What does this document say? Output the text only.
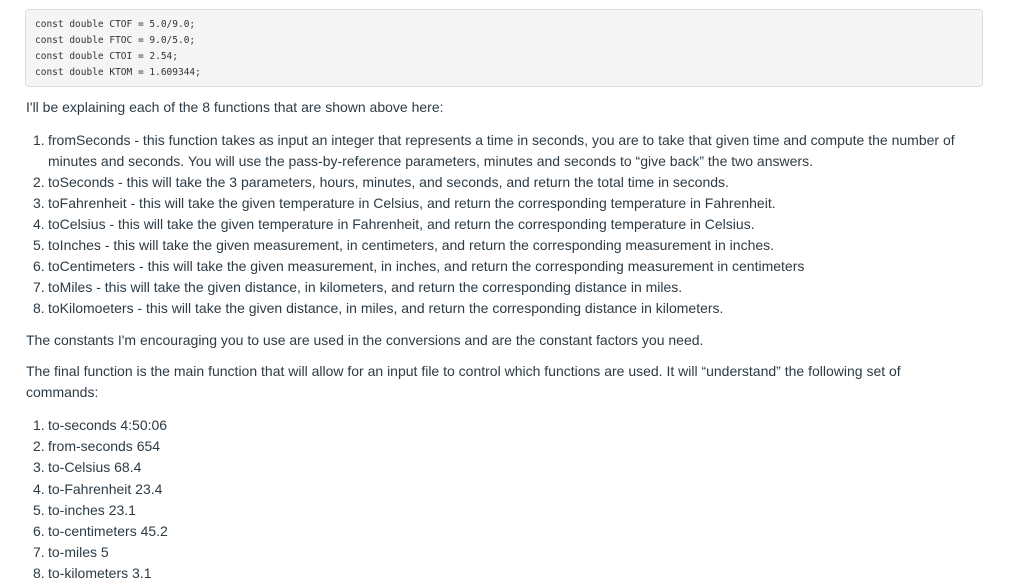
const double CTOF = 5.0/9.0;
const double FTOC = 9.0/5.0;
const double CTOI = 2.54;
const double KTOM = 1.609344;

I'll be explaining each of the 8 functions that are shown above here:

1. fromSeconds - this function takes as input an integer that represents a time in seconds, you are to take that given time and compute the number of minutes and seconds. You will use the pass-by-reference parameters, minutes and seconds to “give back” the two answers.
2. toSeconds - this will take the 3 parameters, hours, minutes, and seconds, and return the total time in seconds.
3. toFahrenheit - this will take the given temperature in Celsius, and return the corresponding temperature in Fahrenheit.
4. toCelsius - this will take the given temperature in Fahrenheit, and return the corresponding temperature in Celsius.
5. toInches - this will take the given measurement, in centimeters, and return the corresponding measurement in inches.
6. toCentimeters - this will take the given measurement, in inches, and return the corresponding measurement in centimeters
7. toMiles - this will take the given distance, in kilometers, and return the corresponding distance in miles.
8. toKilomoeters - this will take the given distance, in miles, and return the corresponding distance in kilometers.

The constants I'm encouraging you to use are used in the conversions and are the constant factors you need.

The final function is the main function that will allow for an input file to control which functions are used. It will “understand” the following set of commands:

1. to-seconds 4:50:06
2. from-seconds 654
3. to-Celsius 68.4
4. to-Fahrenheit 23.4
5. to-inches 23.1
6. to-centimeters 45.2
7. to-miles 5
8. to-kilometers 3.1
